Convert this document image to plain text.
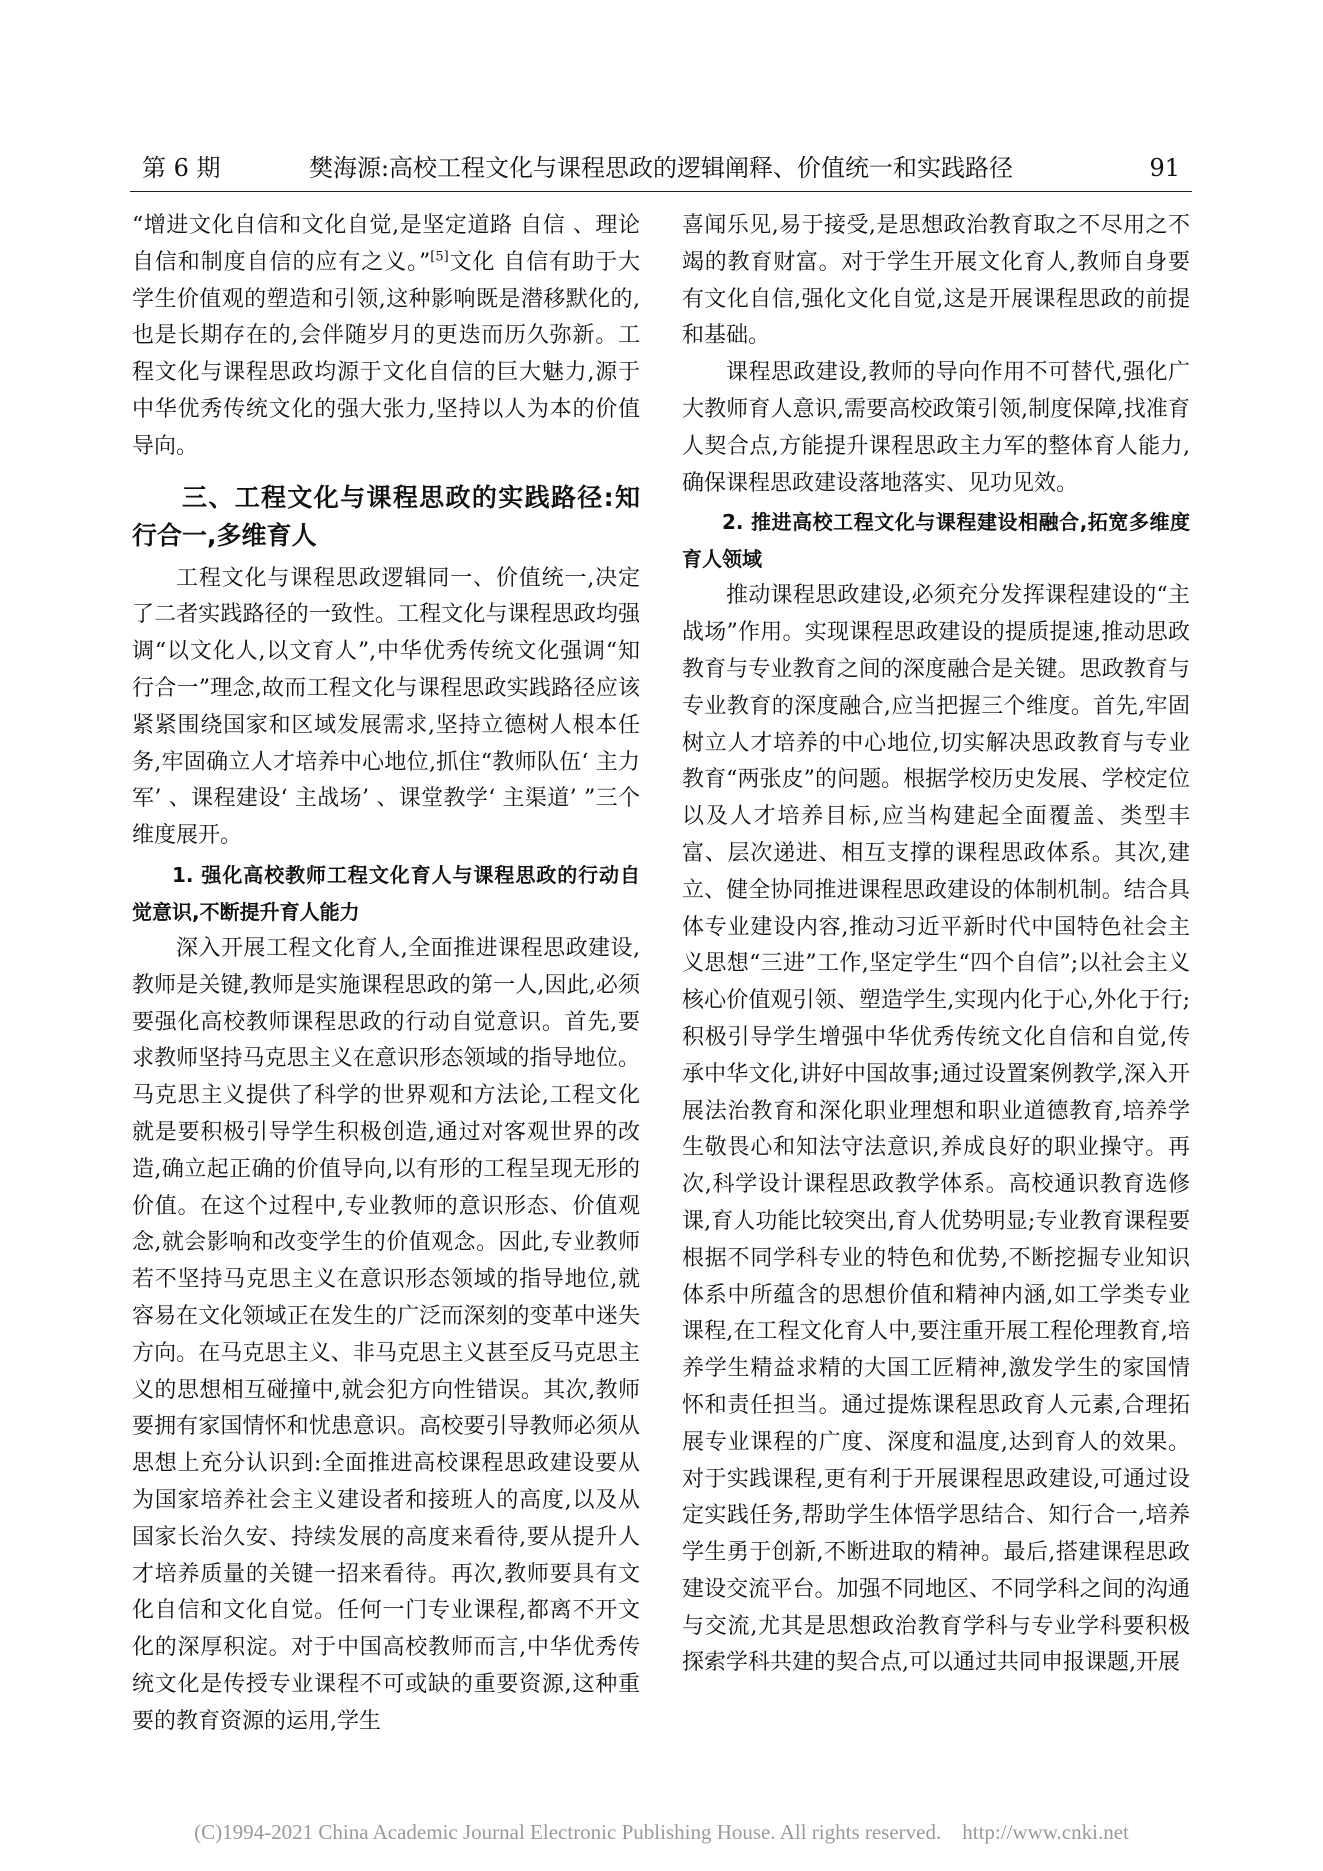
第 6 期	樊海源:高校工程文化与课程思政的逻辑阐释、价值统一和实践路径	91

“增进文化自信和文化自觉,是坚定道路 自信 、理论 自信和制度自信的应有之义。”[5]文化 自信有助于大学生价值观的塑造和引领,这种影响既是潜移默化的,也是长期存在的,会伴随岁月的更迭而历久弥新。工程文化与课程思政均源于文化自信的巨大魅力,源于中华优秀传统文化的强大张力,坚持以人为本的价值导向。

三、工程文化与课程思政的实践路径:知行合一,多维育人

工程文化与课程思政逻辑同一、价值统一,决定了二者实践路径的一致性。工程文化与课程思政均强调“以文化人,以文育人”,中华优秀传统文化强调“知行合一”理念,故而工程文化与课程思政实践路径应该紧紧围绕国家和区域发展需求,坚持立德树人根本任务,牢固确立人才培养中心地位,抓住“教师队伍‘ 主力军’ 、课程建设‘ 主战场’ 、课堂教学‘ 主渠道’ ”三个维度展开。

1. 强化高校教师工程文化育人与课程思政的行动自觉意识,不断提升育人能力

深入开展工程文化育人,全面推进课程思政建设,教师是关键,教师是实施课程思政的第一人,因此,必须要强化高校教师课程思政的行动自觉意识。首先,要求教师坚持马克思主义在意识形态领域的指导地位。马克思主义提供了科学的世界观和方法论,工程文化就是要积极引导学生积极创造,通过对客观世界的改造,确立起正确的价值导向,以有形的工程呈现无形的价值。在这个过程中,专业教师的意识形态、价值观念,就会影响和改变学生的价值观念。因此,专业教师若不坚持马克思主义在意识形态领域的指导地位,就容易在文化领域正在发生的广泛而深刻的变革中迷失方向。在马克思主义、非马克思主义甚至反马克思主义的思想相互碰撞中,就会犯方向性错误。其次,教师要拥有家国情怀和忧患意识。高校要引导教师必须从思想上充分认识到:全面推进高校课程思政建设要从为国家培养社会主义建设者和接班人的高度,以及从国家长治久安、持续发展的高度来看待,要从提升人才培养质量的关键一招来看待。再次,教师要具有文化自信和文化自觉。任何一门专业课程,都离不开文化的深厚积淀。对于中国高校教师而言,中华优秀传统文化是传授专业课程不可或缺的重要资源,这种重要的教育资源的运用,学生

喜闻乐见,易于接受,是思想政治教育取之不尽用之不竭的教育财富。对于学生开展文化育人,教师自身要有文化自信,强化文化自觉,这是开展课程思政的前提和基础。

课程思政建设,教师的导向作用不可替代,强化广大教师育人意识,需要高校政策引领,制度保障,找准育人契合点,方能提升课程思政主力军的整体育人能力,确保课程思政建设落地落实、见功见效。

2. 推进高校工程文化与课程建设相融合,拓宽多维度育人领域

推动课程思政建设,必须充分发挥课程建设的“主战场”作用。实现课程思政建设的提质提速,推动思政教育与专业教育之间的深度融合是关键。思政教育与专业教育的深度融合,应当把握三个维度。首先,牢固树立人才培养的中心地位,切实解决思政教育与专业教育“两张皮”的问题。根据学校历史发展、学校定位以及人才培养目标,应当构建起全面覆盖、类型丰富、层次递进、相互支撑的课程思政体系。其次,建立、健全协同推进课程思政建设的体制机制。结合具体专业建设内容,推动习近平新时代中国特色社会主义思想“三进”工作,坚定学生“四个自信”;以社会主义核心价值观引领、塑造学生,实现内化于心,外化于行;积极引导学生增强中华优秀传统文化自信和自觉,传承中华文化,讲好中国故事;通过设置案例教学,深入开展法治教育和深化职业理想和职业道德教育,培养学生敬畏心和知法守法意识,养成良好的职业操守。再次,科学设计课程思政教学体系。高校通识教育选修课,育人功能比较突出,育人优势明显;专业教育课程要根据不同学科专业的特色和优势,不断挖掘专业知识体系中所蕴含的思想价值和精神内涵,如工学类专业课程,在工程文化育人中,要注重开展工程伦理教育,培养学生精益求精的大国工匠精神,激发学生的家国情怀和责任担当。通过提炼课程思政育人元素,合理拓展专业课程的广度、深度和温度,达到育人的效果。对于实践课程,更有利于开展课程思政建设,可通过设定实践任务,帮助学生体悟学思结合、知行合一,培养学生勇于创新,不断进取的精神。最后,搭建课程思政建设交流平台。加强不同地区、不同学科之间的沟通与交流,尤其是思想政治教育学科与专业学科要积极探索学科共建的契合点,可以通过共同申报课题,开展

(C)1994-2021 China Academic Journal Electronic Publishing House. All rights reserved.    http://www.cnki.net
